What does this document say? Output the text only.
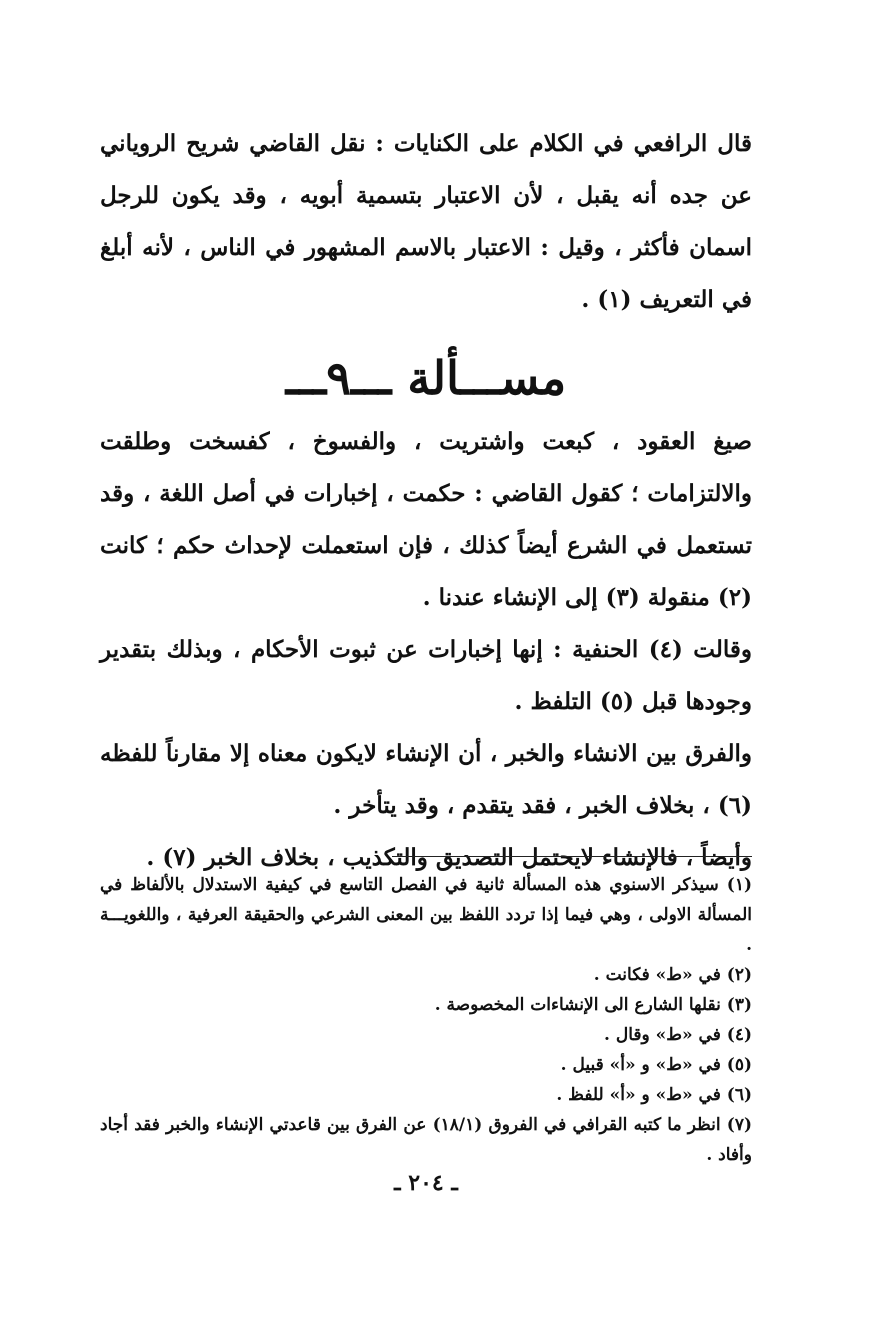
قال الرافعي في الكلام على الكنايات : نقل القاضي شريح الروياني عن جده أنه يقبل ، لأن الاعتبار بتسمية أبويه ، وقد يكون للرجل اسمان فأكثر ، وقيل : الاعتبار بالاسم المشهور في الناس ، لأنه أبلغ في التعريف (١) .

مســـألة ـــ٩ـــ

صيغ العقود ، كبعت واشتريت ، والفسوخ ، كفسخت وطلقت والالتزامات ؛ كقول القاضي : حكمت ، إخبارات في أصل اللغة ، وقد تستعمل في الشرع أيضاً كذلك ، فإن استعملت لإحداث حكم ؛ كانت (٢) منقولة (٣) إلى الإنشاء عندنا .

وقالت (٤) الحنفية : إنها إخبارات عن ثبوت الأحكام ، وبذلك بتقدير وجودها قبل (٥) التلفظ .

والفرق بين الانشاء والخبر ، أن الإنشاء لايكون معناه إلا مقارناً للفظه (٦) ، بخلاف الخبر ، فقد يتقدم ، وقد يتأخر .

وأيضاً ، فالإنشاء لايحتمل التصديق والتكذيب ، بخلاف الخبر (٧) .

(١) سيذكر الاسنوي هذه المسألة ثانية في الفصل التاسع في كيفية الاستدلال بالألفاظ في المسألة الاولى ، وهي فيما إذا تردد اللفظ بين المعنى الشرعي والحقيقة العرفية ، واللغويـــة .

(٢) في «ط» فكانت .

(٣) نقلها الشارع الى الإنشاءات المخصوصة .

(٤) في «ط» وقال .

(٥) في «ط» و «أ» قبيل .

(٦) في «ط» و «أ» للفظ .

(٧) انظر ما كتبه القرافي في الفروق (١٨/١) عن الفرق بين قاعدتي الإنشاء والخبر فقد أجاد وأفاد .

ـ ٢٠٤ ـ
